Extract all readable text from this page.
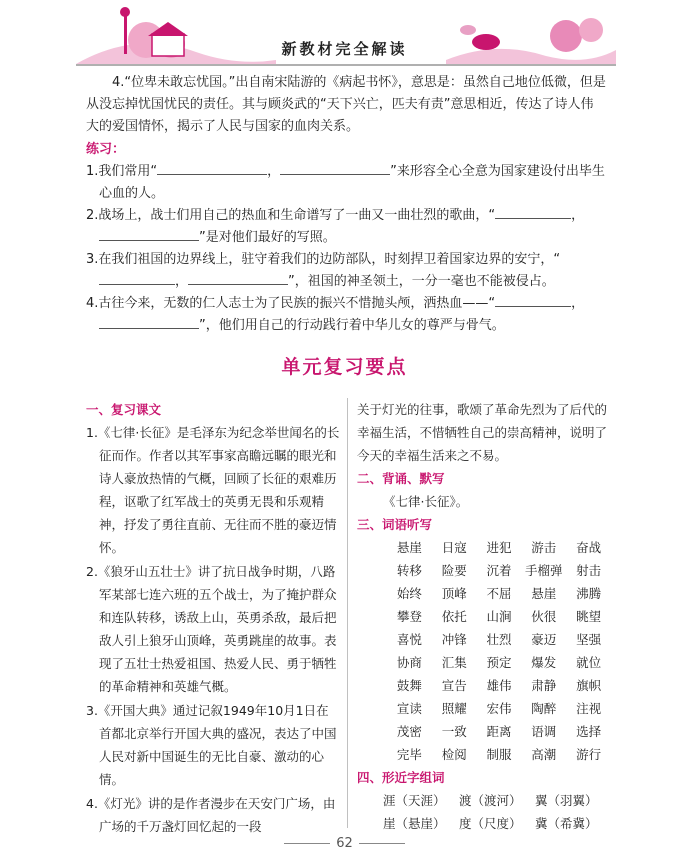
新教材完全解读

4.“位卑未敢忘忧国。”出自南宋陆游的《病起书怀》，意思是：虽然自己地位低微，但是从没忘掉忧国忧民的责任。其与顾炎武的“天下兴亡，匹夫有责”意思相近，传达了诗人伟大的爱国情怀，揭示了人民与国家的血肉关系。

练习：

1.我们常用“	，	”来形容全心全意为国家建设付出毕生心血的人。

2.战场上，战士们用自己的热血和生命谱写了一曲又一曲壮烈的歌曲，“	，”是对他们最好的写照。

3.在我们祖国的边界线上，驻守着我们的边防部队，时刻捍卫着国家边界的安宁，“，	”，祖国的神圣领土，一分一毫也不能被侵占。

4.古往今来，无数的仁人志士为了民族的振兴不惜抛头颅，洒热血——“	，”，他们用自己的行动践行着中华儿女的尊严与骨气。

单元复习要点

一、复习课文

1.《七律·长征》是毛泽东为纪念举世闻名的长征而作。作者以其军事家高瞻远瞩的眼光和诗人豪放热情的气概，回顾了长征的艰难历程，讴歌了红军战士的英勇无畏和乐观精神，抒发了勇往直前、无往而不胜的豪迈情怀。

2.《狼牙山五壮士》讲了抗日战争时期，八路军某部七连六班的五个战士，为了掩护群众和连队转移，诱敌上山，英勇杀敌，最后把敌人引上狼牙山顶峰，英勇跳崖的故事。表现了五壮士热爱祖国、热爱人民、勇于牺牲的革命精神和英雄气概。

3.《开国大典》通过记叙1949年10月1日在首都北京举行开国大典的盛况，表达了中国人民对新中国诞生的无比自豪、激动的心情。

4.《灯光》讲的是作者漫步在天安门广场，由广场的千万盏灯回忆起的一段

关于灯光的往事，歌颂了革命先烈为了后代的幸福生活，不惜牺牲自己的崇高精神，说明了今天的幸福生活来之不易。

二、背诵、默写

《七律·长征》。

三、词语听写

悬崖	日寇	进犯	游击	奋战
转移	险要	沉着	手榴弹	射击
始终	顶峰	不屈	悬崖	沸腾
攀登	依托	山涧	伙很	眺望
喜悦	冲锋	壮烈	豪迈	坚强
协商	汇集	预定	爆发	就位
鼓舞	宣告	雄伟	肃静	旗帜
宣读	照耀	宏伟	陶醉	注视
茂密	一致	距离	语调	选择
完毕	检阅	制服	高潮	游行

四、形近字组词

涯（天涯）	渡（渡河）	翼（羽翼）
崖（悬崖）	度（尺度）	冀（希冀）
62
